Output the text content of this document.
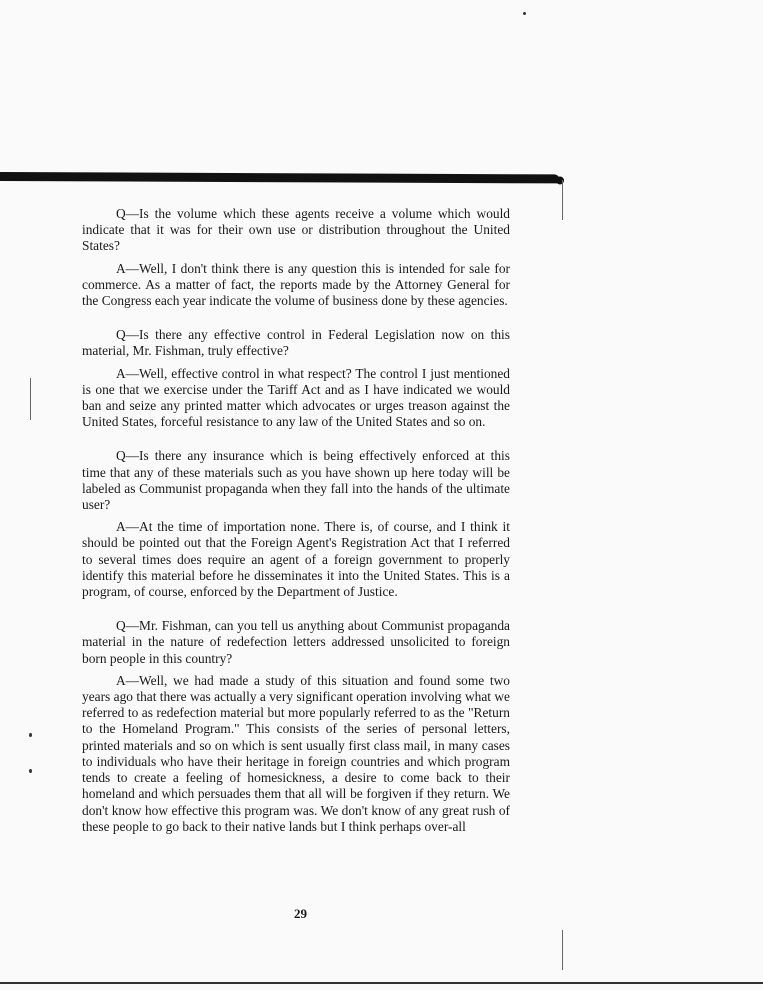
Q—Is the volume which these agents receive a volume which would indicate that it was for their own use or distribution throughout the United States?

A—Well, I don't think there is any question this is intended for sale for commerce. As a matter of fact, the reports made by the Attorney General for the Congress each year indicate the volume of business done by these agencies.

Q—Is there any effective control in Federal Legislation now on this material, Mr. Fishman, truly effective?

A—Well, effective control in what respect? The control I just mentioned is one that we exercise under the Tariff Act and as I have indicated we would ban and seize any printed matter which advocates or urges treason against the United States, forceful resistance to any law of the United States and so on.

Q—Is there any insurance which is being effectively enforced at this time that any of these materials such as you have shown up here today will be labeled as Communist propaganda when they fall into the hands of the ultimate user?

A—At the time of importation none. There is, of course, and I think it should be pointed out that the Foreign Agent's Registration Act that I referred to several times does require an agent of a foreign government to properly identify this material before he disseminates it into the United States. This is a program, of course, enforced by the Department of Justice.

Q—Mr. Fishman, can you tell us anything about Communist propaganda material in the nature of redefection letters addressed unsolicited to foreign born people in this country?

A—Well, we had made a study of this situation and found some two years ago that there was actually a very significant operation involving what we referred to as redefection material but more popularly referred to as the "Return to the Homeland Program." This consists of the series of personal letters, printed materials and so on which is sent usually first class mail, in many cases to individuals who have their heritage in foreign countries and which program tends to create a feeling of homesickness, a desire to come back to their homeland and which persuades them that all will be forgiven if they return. We don't know how effective this program was. We don't know of any great rush of these people to go back to their native lands but I think perhaps over-all

29
